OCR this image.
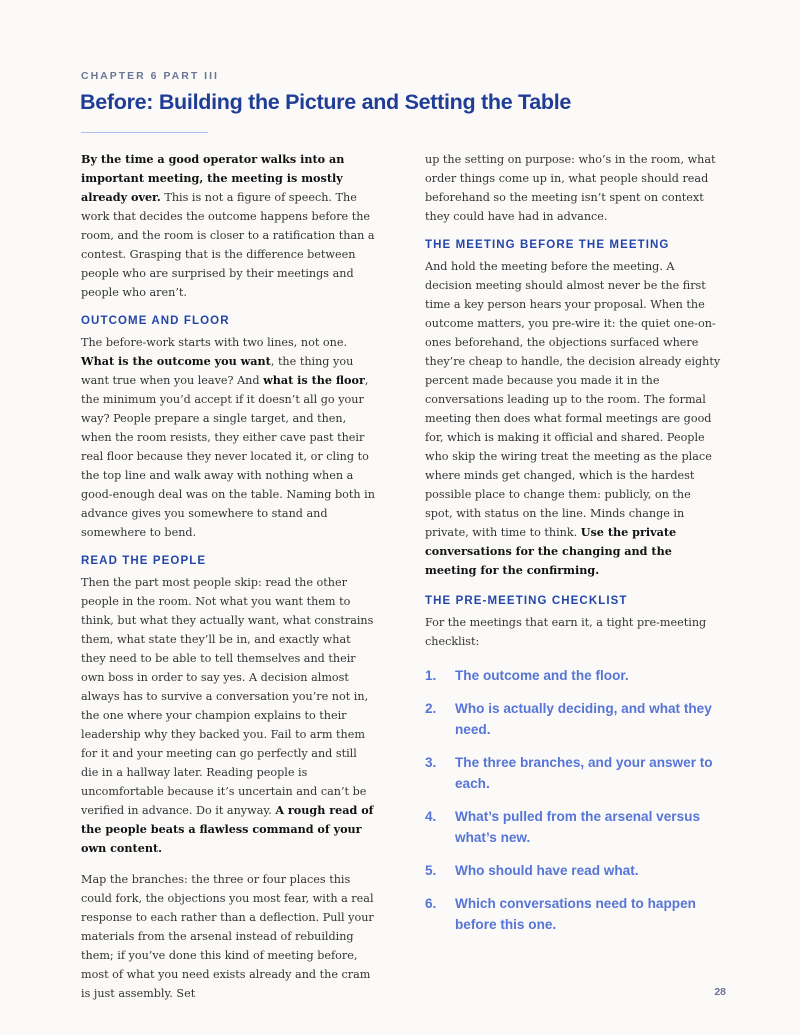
CHAPTER 6 PART III
Before: Building the Picture and Setting the Table

By the time a good operator walks into an important meeting, the meeting is mostly already over. This is not a figure of speech. The work that decides the outcome happens before the room, and the room is closer to a ratification than a contest. Grasping that is the difference between people who are surprised by their meetings and people who aren’t.

OUTCOME AND FLOOR

The before-work starts with two lines, not one. What is the outcome you want, the thing you want true when you leave? And what is the floor, the minimum you’d accept if it doesn’t all go your way? People prepare a single target, and then, when the room resists, they either cave past their real floor because they never located it, or cling to the top line and walk away with nothing when a good-enough deal was on the table. Naming both in advance gives you somewhere to stand and somewhere to bend.

READ THE PEOPLE

Then the part most people skip: read the other people in the room. Not what you want them to think, but what they actually want, what constrains them, what state they’ll be in, and exactly what they need to be able to tell themselves and their own boss in order to say yes. A decision almost always has to survive a conversation you’re not in, the one where your champion explains to their leadership why they backed you. Fail to arm them for it and your meeting can go perfectly and still die in a hallway later. Reading people is uncomfortable because it’s uncertain and can’t be verified in advance. Do it anyway. A rough read of the people beats a flawless command of your own content.

Map the branches: the three or four places this could fork, the objections you most fear, with a real response to each rather than a deflection. Pull your materials from the arsenal instead of rebuilding them; if you’ve done this kind of meeting before, most of what you need exists already and the cram is just assembly. Set

up the setting on purpose: who’s in the room, what order things come up in, what people should read beforehand so the meeting isn’t spent on context they could have had in advance.

THE MEETING BEFORE THE MEETING

And hold the meeting before the meeting. A decision meeting should almost never be the first time a key person hears your proposal. When the outcome matters, you pre-wire it: the quiet one-on-ones beforehand, the objections surfaced where they’re cheap to handle, the decision already eighty percent made because you made it in the conversations leading up to the room. The formal meeting then does what formal meetings are good for, which is making it official and shared. People who skip the wiring treat the meeting as the place where minds get changed, which is the hardest possible place to change them: publicly, on the spot, with status on the line. Minds change in private, with time to think. Use the private conversations for the changing and the meeting for the confirming.

THE PRE-MEETING CHECKLIST

For the meetings that earn it, a tight pre-meeting checklist:

1. The outcome and the floor.
2. Who is actually deciding, and what they need.
3. The three branches, and your answer to each.
4. What’s pulled from the arsenal versus what’s new.
5. Who should have read what.
6. Which conversations need to happen before this one.
28
